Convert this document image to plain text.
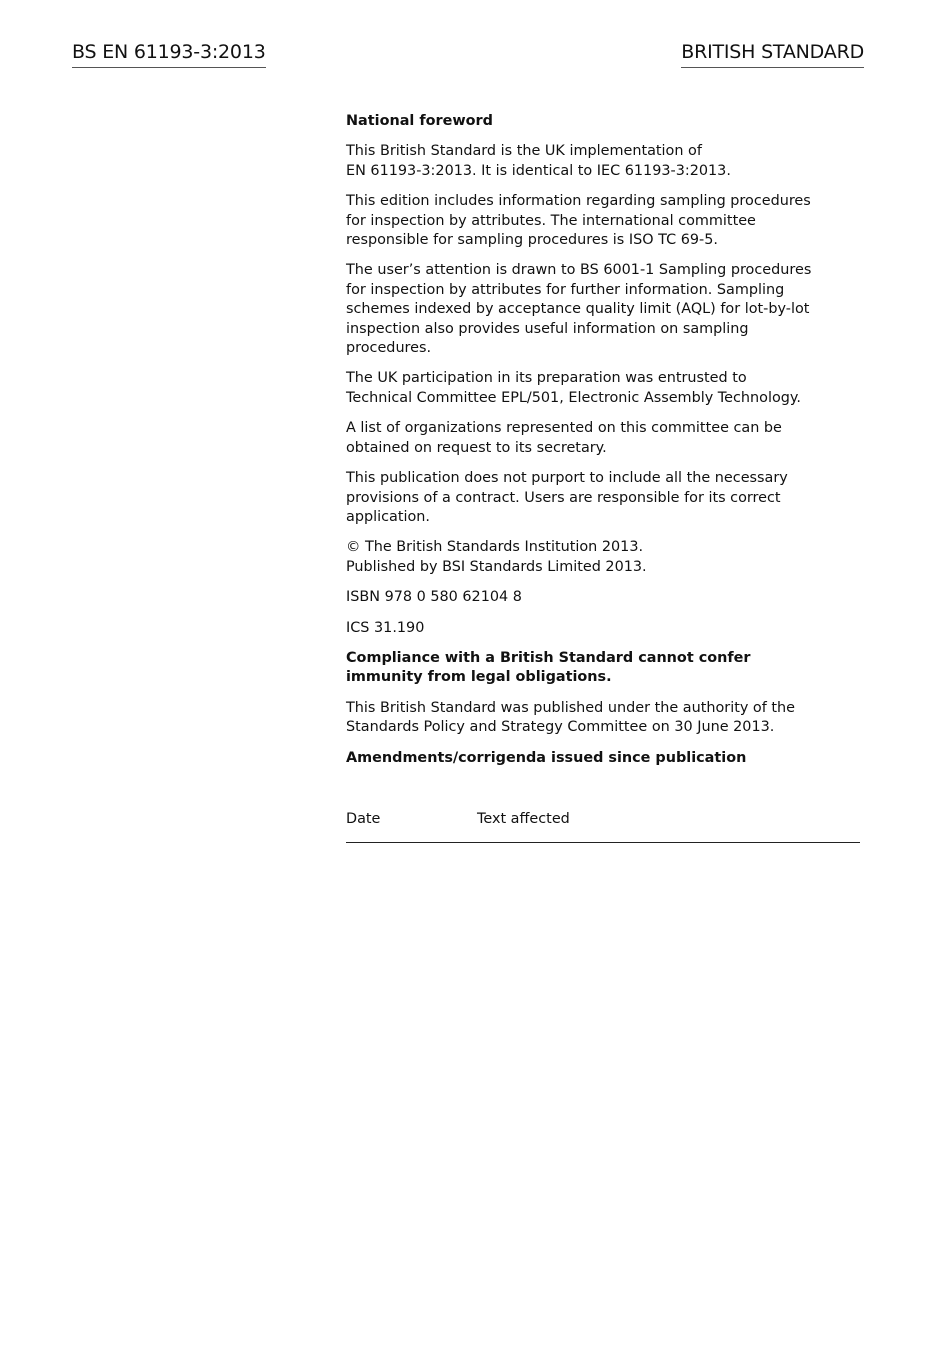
BS EN 61193-3:2013	BRITISH STANDARD

National foreword

This British Standard is the UK implementation of
EN 61193-3:2013. It is identical to IEC 61193-3:2013.

This edition includes information regarding sampling procedures for inspection by attributes. The international committee responsible for sampling procedures is ISO TC 69-5.

The user’s attention is drawn to BS 6001-1 Sampling procedures for inspection by attributes for further information. Sampling schemes indexed by acceptance quality limit (AQL) for lot-by-lot inspection also provides useful information on sampling procedures.

The UK participation in its preparation was entrusted to Technical Committee EPL/501, Electronic Assembly Technology.

A list of organizations represented on this committee can be obtained on request to its secretary.

This publication does not purport to include all the necessary provisions of a contract. Users are responsible for its correct application.

© The British Standards Institution 2013.
Published by BSI Standards Limited 2013.

ISBN 978 0 580 62104 8

ICS 31.190

Compliance with a British Standard cannot confer immunity from legal obligations.

This British Standard was published under the authority of the Standards Policy and Strategy Committee on 30 June 2013.

Amendments/corrigenda issued since publication

Date	Text affected
